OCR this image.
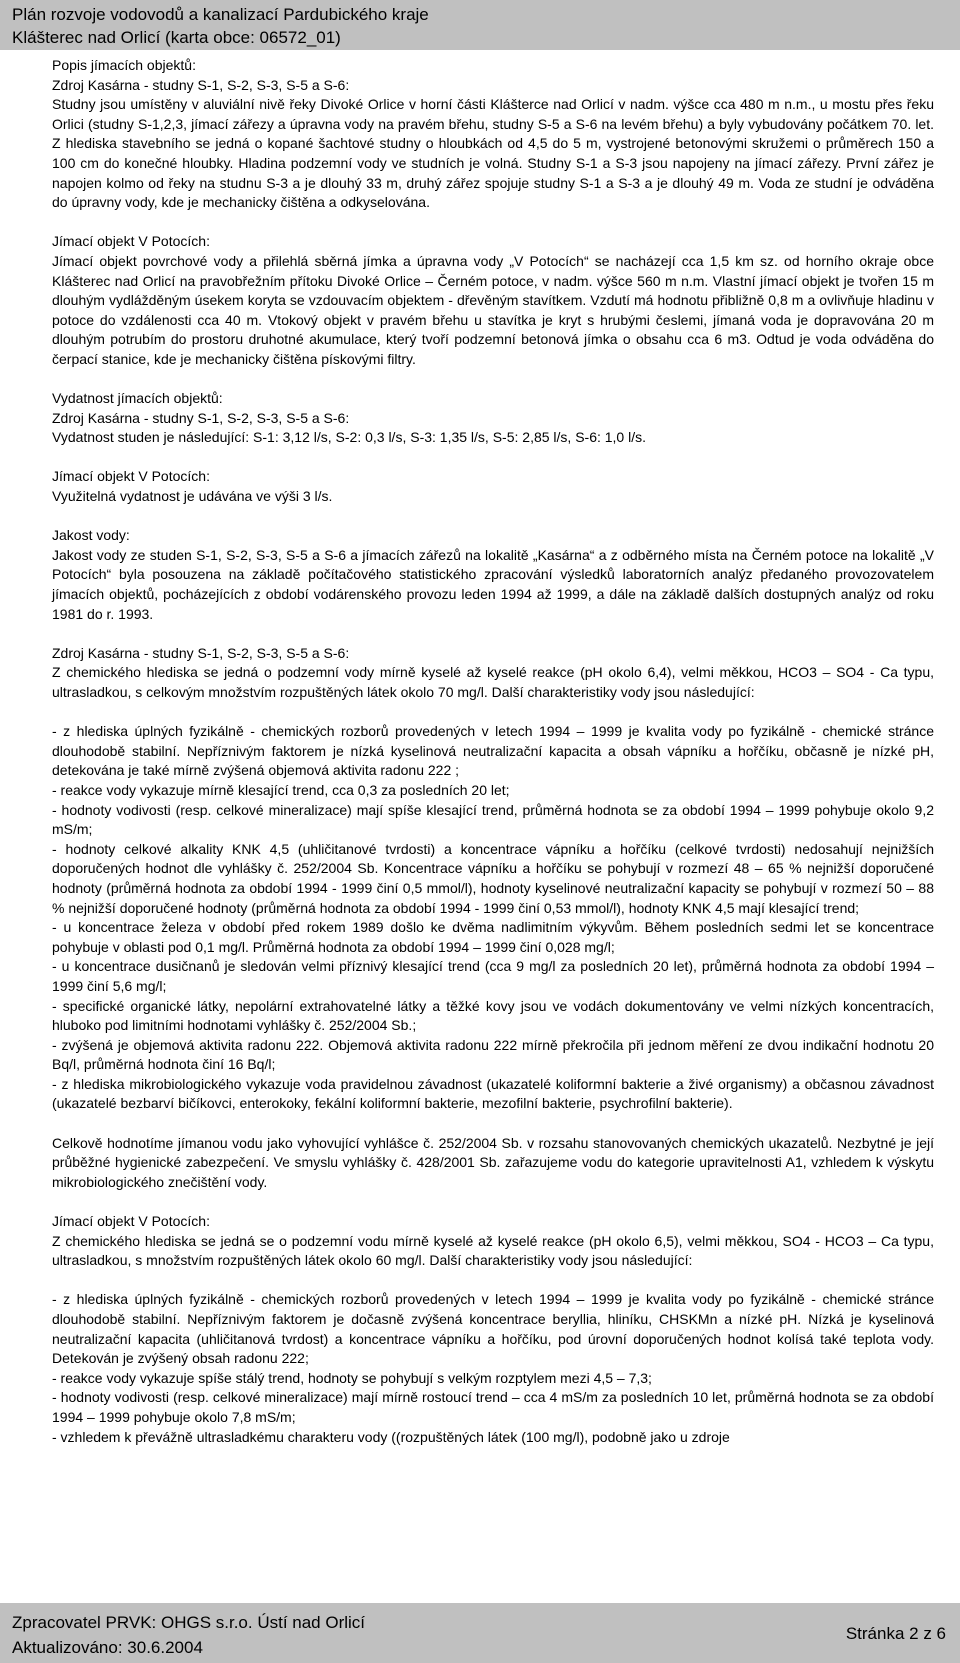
Plán rozvoje vodovodů a kanalizací Pardubického kraje
Klášterec nad Orlicí (karta obce: 06572_01)

Popis jímacích objektů:

Zdroj Kasárna - studny S-1, S-2, S-3, S-5 a S-6:

Studny jsou umístěny v aluviální nivě řeky Divoké Orlice v horní části Klášterce nad Orlicí v nadm. výšce cca 480 m n.m., u mostu přes řeku Orlici (studny S-1,2,3, jímací zářezy a úpravna vody na pravém břehu, studny S-5 a S-6 na levém břehu) a byly vybudovány počátkem 70. let. Z hlediska stavebního se jedná o kopané šachtové studny o hloubkách od 4,5 do 5 m, vystrojené betonovými skružemi o průměrech 150 a 100 cm do konečné hloubky. Hladina podzemní vody ve studních je volná. Studny S-1 a S-3 jsou napojeny na jímací zářezy. První zářez je napojen kolmo od řeky na studnu S-3 a je dlouhý 33 m, druhý zářez spojuje studny S-1 a S-3 a je dlouhý 49 m. Voda ze studní je odváděna do úpravny vody, kde je mechanicky čištěna a odkyselována.

Jímací objekt V Potocích:

Jímací objekt povrchové vody a přilehlá sběrná jímka a úpravna vody „V Potocích“ se nacházejí cca 1,5 km sz. od horního okraje obce Klášterec nad Orlicí na pravobřežním přítoku Divoké Orlice – Černém potoce, v nadm. výšce 560 m n.m. Vlastní jímací objekt je tvořen 15 m dlouhým vydlážděným úsekem koryta se vzdouvacím objektem - dřevěným stavítkem. Vzdutí má hodnotu přibližně 0,8 m a ovlivňuje hladinu v potoce do vzdálenosti cca 40 m. Vtokový objekt v pravém břehu u stavítka je kryt s hrubými česlemi, jímaná voda je dopravována 20 m dlouhým potrubím do prostoru druhotné akumulace, který tvoří podzemní betonová jímka o obsahu cca 6 m3. Odtud je voda odváděna do čerpací stanice, kde je mechanicky čištěna pískovými filtry.

Vydatnost jímacích objektů:

Zdroj Kasárna - studny S-1, S-2, S-3, S-5 a S-6:

Vydatnost studen je následující: S-1: 3,12 l/s, S-2: 0,3 l/s, S-3: 1,35 l/s, S-5: 2,85 l/s, S-6: 1,0 l/s.

Jímací objekt V Potocích:

Využitelná vydatnost je udávána ve výši 3 l/s.

Jakost vody:

Jakost vody ze studen S-1, S-2, S-3, S-5 a S-6 a jímacích zářezů na lokalitě „Kasárna“ a z odběrného místa na Černém potoce na lokalitě „V Potocích“ byla posouzena na základě počítačového statistického zpracování výsledků laboratorních analýz předaného provozovatelem jímacích objektů, pocházejících z období vodárenského provozu leden 1994 až 1999, a dále na základě dalších dostupných analýz od roku 1981 do r. 1993.

Zdroj Kasárna - studny S-1, S-2, S-3, S-5 a S-6:

Z chemického hlediska se jedná o podzemní vody mírně kyselé až kyselé reakce (pH okolo 6,4), velmi měkkou, HCO3 – SO4 - Ca typu, ultrasladkou, s celkovým množstvím rozpuštěných látek okolo 70 mg/l. Další charakteristiky vody jsou následující:

- z hlediska úplných fyzikálně - chemických rozborů provedených v letech 1994 – 1999 je kvalita vody po fyzikálně - chemické stránce dlouhodobě stabilní. Nepříznivým faktorem je nízká kyselinová neutralizační kapacita a obsah vápníku a hořčíku, občasně je nízké pH, detekována je také mírně zvýšená objemová aktivita radonu 222 ;

- reakce vody vykazuje mírně klesající trend, cca 0,3 za posledních 20 let;

- hodnoty vodivosti (resp. celkové mineralizace) mají spíše klesající trend, průměrná hodnota se za období 1994 – 1999 pohybuje okolo 9,2 mS/m;

- hodnoty celkové alkality KNK 4,5 (uhličitanové tvrdosti) a koncentrace vápníku a hořčíku (celkové tvrdosti) nedosahují nejnižších doporučených hodnot dle vyhlášky č. 252/2004 Sb. Koncentrace vápníku a hořčíku se pohybují v rozmezí 48 – 65 % nejnižší doporučené hodnoty (průměrná hodnota za období 1994 - 1999 činí 0,5 mmol/l), hodnoty kyselinové neutralizační kapacity se pohybují v rozmezí 50 – 88 % nejnižší doporučené hodnoty (průměrná hodnota za období 1994 - 1999 činí 0,53 mmol/l), hodnoty KNK 4,5 mají klesající trend;

- u koncentrace železa v období před rokem 1989 došlo ke dvěma nadlimitním výkyvům. Během posledních sedmi let se koncentrace pohybuje v oblasti pod 0,1 mg/l. Průměrná hodnota za období 1994 – 1999 činí 0,028 mg/l;

- u koncentrace dusičnanů je sledován velmi příznivý klesající trend (cca 9 mg/l za posledních 20 let), průměrná hodnota za období 1994 – 1999 činí 5,6 mg/l;

- specifické organické látky, nepolární extrahovatelné látky a těžké kovy jsou ve vodách dokumentovány ve velmi nízkých koncentracích, hluboko pod limitními hodnotami vyhlášky č. 252/2004 Sb.;

- zvýšená je objemová aktivita radonu 222. Objemová aktivita radonu 222 mírně překročila při jednom měření ze dvou indikační hodnotu 20 Bq/l, průměrná hodnota činí 16 Bq/l;

- z hlediska mikrobiologického vykazuje voda pravidelnou závadnost (ukazatelé koliformní bakterie a živé organismy) a občasnou závadnost (ukazatelé bezbarví bičíkovci, enterokoky, fekální koliformní bakterie, mezofilní bakterie, psychrofilní bakterie).

Celkově hodnotíme jímanou vodu jako vyhovující vyhlášce č. 252/2004 Sb. v rozsahu stanovovaných chemických ukazatelů. Nezbytné je její průběžné hygienické zabezpečení. Ve smyslu vyhlášky č. 428/2001 Sb. zařazujeme vodu do kategorie upravitelnosti A1, vzhledem k výskytu mikrobiologického znečištění vody.

Jímací objekt V Potocích:

Z chemického hlediska se jedná se o podzemní vodu mírně kyselé až kyselé reakce (pH okolo 6,5), velmi měkkou, SO4 - HCO3 – Ca typu, ultrasladkou, s množstvím rozpuštěných látek okolo 60 mg/l. Další charakteristiky vody jsou následující:

- z hlediska úplných fyzikálně - chemických rozborů provedených v letech 1994 – 1999 je kvalita vody po fyzikálně - chemické stránce dlouhodobě stabilní. Nepříznivým faktorem je dočasně zvýšená koncentrace beryllia, hliníku, CHSKMn a nízké pH. Nízká je kyselinová neutralizační kapacita (uhličitanová tvrdost) a koncentrace vápníku a hořčíku, pod úrovní doporučených hodnot kolísá také teplota vody. Detekován je zvýšený obsah radonu 222;

- reakce vody vykazuje spíše stálý trend, hodnoty se pohybují s velkým rozptylem mezi 4,5 – 7,3;

- hodnoty vodivosti (resp. celkové mineralizace) mají mírně rostoucí trend – cca 4 mS/m za posledních 10 let, průměrná hodnota se za období 1994 – 1999 pohybuje okolo 7,8 mS/m;

- vzhledem k převážně ultrasladkému charakteru vody ((rozpuštěných látek (100 mg/l), podobně jako u zdroje

Zpracovatel PRVK: OHGS s.r.o. Ústí nad Orlicí
Aktualizováno: 30.6.2004
Stránka 2 z 6
